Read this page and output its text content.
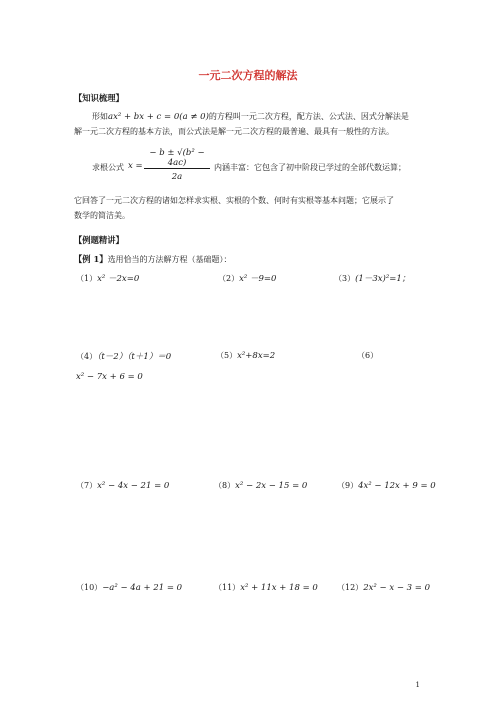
一元二次方程的解法
【知识梳理】
形如ax² + bx + c = 0(a ≠ 0)的方程叫一元二次方程，配方法、公式法、因式分解法是
解一元二次方程的基本方法，而公式法是解一元二次方程的最普遍、最具有一般性的方法。
求根公式 x =
− b ± √(b² − 4ac)
2a
内涵丰富：它包含了初中阶段已学过的全部代数运算；
它回答了一元二次方程的诸如怎样求实根、实根的个数、何时有实根等基本问题；它展示了
数学的简洁美。
【例题精讲】
【例 1】选用恰当的方法解方程（基础题）：
（1）x² －2x=0	（2）x² －9=0	（3）(1－3x)²=1；
（4）（t－2）（t＋1）＝0	（5）x²+8x=2	（6）
x² − 7x + 6 = 0
（7）x² − 4x − 21 = 0	（8）x² − 2x − 15 = 0	（9）4x² − 12x + 9 = 0
（10）−a² − 4a + 21 = 0	（11）x² + 11x + 18 = 0 （12）2x² − x − 3 = 0
1
